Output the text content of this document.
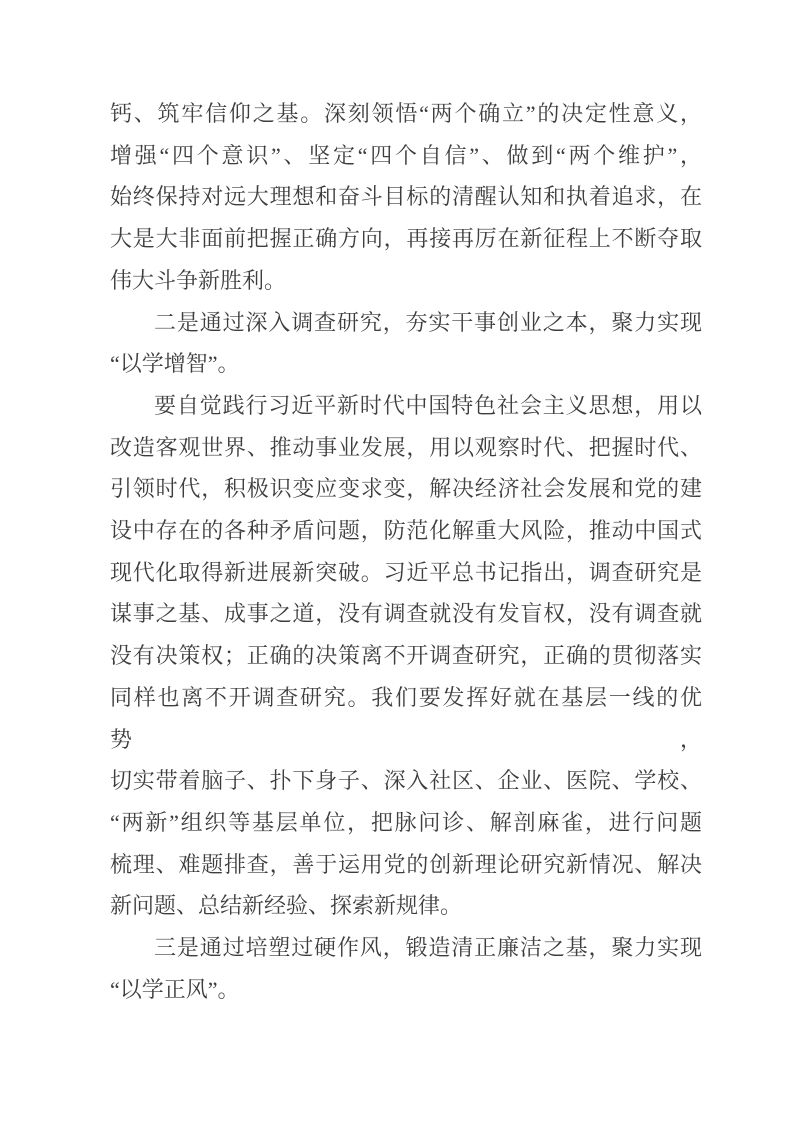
钙、筑牢信仰之基。深刻领悟“两个确立”的决定性意义，
增强“四个意识”、坚定“四个自信”、做到“两个维护”，
始终保持对远大理想和奋斗目标的清醒认知和执着追求，在
大是大非面前把握正确方向，再接再厉在新征程上不断夺取
伟大斗争新胜利。
二是通过深入调查研究，夯实干事创业之本，聚力实现
“以学增智”。
要自觉践行习近平新时代中国特色社会主义思想，用以
改造客观世界、推动事业发展，用以观察时代、把握时代、
引领时代，积极识变应变求变，解决经济社会发展和党的建
设中存在的各种矛盾问题，防范化解重大风险，推动中国式
现代化取得新进展新突破。习近平总书记指出，调查研究是
谋事之基、成事之道，没有调查就没有发盲权，没有调查就
没有决策权；正确的决策离不开调查研究，正确的贯彻落实
同样也离不开调查研究。我们要发挥好就在基层一线的优势，
切实带着脑子、扑下身子、深入社区、企业、医院、学校、
“两新”组织等基层单位，把脉问诊、解剖麻雀，进行问题
梳理、难题排查，善于运用党的创新理论研究新情况、解决
新问题、总结新经验、探索新规律。
三是通过培塑过硬作风，锻造清正廉洁之基，聚力实现
“以学正风”。
